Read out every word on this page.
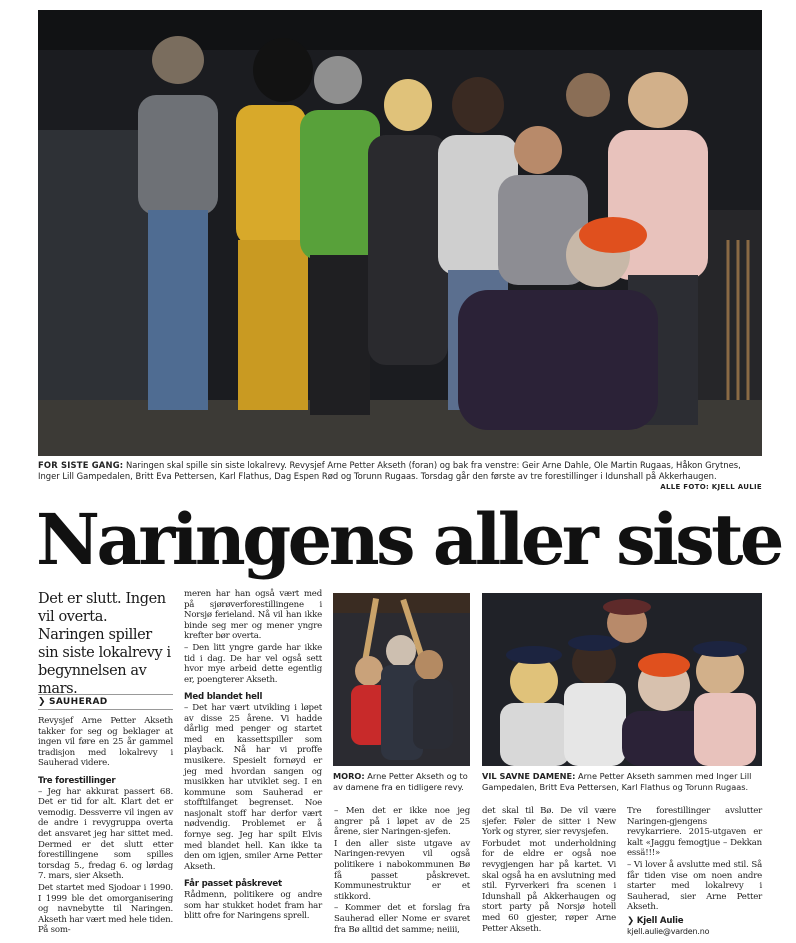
FOR SISTE GANG: Naringen skal spille sin siste lokalrevy. Revysjef Arne Petter Akseth (foran) og bak fra venstre: Geir Arne Dahle, Ole Martin Rugaas, Håkon Grytnes, Inger Lill Gampedalen, Britt Eva Pettersen, Karl Flathus, Dag Espen Rød og Torunn Rugaas. Torsdag går den første av tre forestillinger i Idunshall på Akkerhaugen.
ALLE FOTO: KJELL AULIE
Naringens aller siste
Det er slutt. Ingen vil overta. Naringen spiller sin siste lokalrevy i begynnelsen av mars.
❯ SAUHERAD

Revysjef Arne Petter Akseth takker for seg og beklager at ingen vil føre en 25 år gammel tradisjon med lokalrevy i Sauherad videre.

Tre forestillinger

– Jeg har akkurat passert 68. Det er tid for alt. Klart det er vemodig. Dessverre vil ingen av de andre i revygruppa overta det ansvaret jeg har sittet med. Dermed er det slutt etter forestillingene som spilles torsdag 5., fredag 6. og lørdag 7. mars, sier Akseth.

Det startet med Sjodoar i 1990. I 1999 ble det omorganisering og navnebytte til Naringen. Akseth har vært med hele tiden. På som-

meren har han også vært med på sjørøverforestillingene i Norsjø ferieland. Nå vil han ikke binde seg mer og mener yngre krefter bør overta.

– Den litt yngre garde har ikke tid i dag. De har vel også sett hvor mye arbeid dette egentlig er, poengterer Akseth.

Med blandet hell

– Det har vært utvikling i løpet av disse 25 årene. Vi hadde dårlig med penger og startet med en kassettspiller som playback. Nå har vi proffe musikere. Spesielt fornøyd er jeg med hvordan sangen og musikken har utviklet seg. I en kommune som Sauherad er stofftilfanget begrenset. Noe nasjonalt stoff har derfor vært nødvendig. Problemet er å fornye seg. Jeg har spilt Elvis med blandet hell. Kan ikke ta den om igjen, smiler Arne Petter Akseth.

Får passet påskrevet

Rådmenn, politikere og andre som har stukket hodet fram har blitt ofre for Naringens sprell.

– Men det er ikke noe jeg angrer på i løpet av de 25 årene, sier Naringen-sjefen.

I den aller siste utgave av Naringen-revyen vil også politikere i nabokommunen Bø få passet påskrevet. Kommunestruktur er et stikkord.

– Kommer det et forslag fra Sauherad eller Nome er svaret fra Bø alltid det samme; neiiii,

det skal til Bø. De vil være sjefer. Føler de sitter i New York og styrer, sier revysjefen.

Forbudet mot underholdning for de eldre er også noe revygjengen har på kartet. Vi skal også ha en avslutning med stil. Fyrverkeri fra scenen i Idunshall på Akkerhaugen og stort party på Norsjø hotell med 60 gjester, røper Arne Petter Akseth.

Tre forestillinger avslutter Naringen-gjengens revykarriere. 2015-utgaven er kalt «Jaggu femogtjue – Dekkan essä!!!»

– Vi lover å avslutte med stil. Så får tiden vise om noen andre starter med lokalrevy i Sauherad, sier Arne Petter Akseth.

❯ Kjell Aulie
kjell.aulie@varden.no
MORO: Arne Petter Akseth og to av damene fra en tidligere revy.
VIL SAVNE DAMENE: Arne Petter Akseth sammen med Inger Lill Gampedalen, Britt Eva Pettersen, Karl Flathus og Torunn Rugaas.
